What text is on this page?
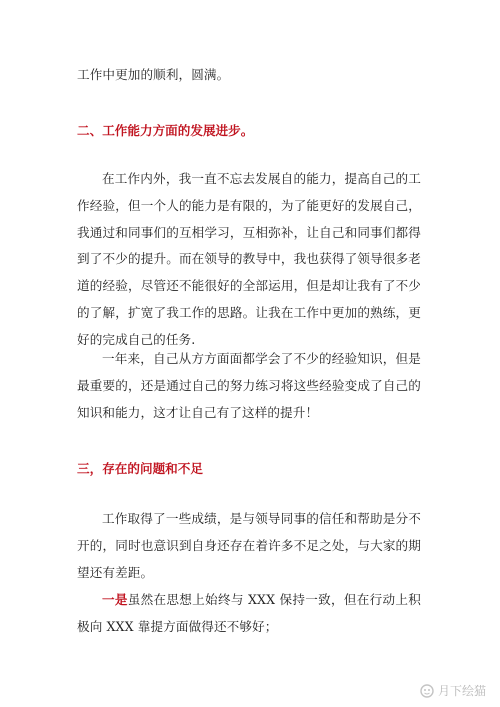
工作中更加的顺利，圆满。

二、工作能力方面的发展进步。

在工作内外，我一直不忘去发展自的能力，提高自己的工作经验，但一个人的能力是有限的，为了能更好的发展自己，我通过和同事们的互相学习，互相弥补，让自己和同事们都得到了不少的提升。而在领导的教导中，我也获得了领导很多老道的经验，尽管还不能很好的全部运用，但是却让我有了不少的了解，扩宽了我工作的思路。让我在工作中更加的熟练，更好的完成自己的任务.

一年来，自己从方方面面都学会了不少的经验知识，但是最重要的，还是通过自己的努力练习将这些经验变成了自己的知识和能力，这才让自己有了这样的提升！

三，存在的问题和不足

工作取得了一些成绩，是与领导同事的信任和帮助是分不开的，同时也意识到自身还存在着许多不足之处，与大家的期望还有差距。

一是虽然在思想上始终与 XXX 保持一致，但在行动上积极向 XXX 靠提方面做得还不够好；

月下绘猫
